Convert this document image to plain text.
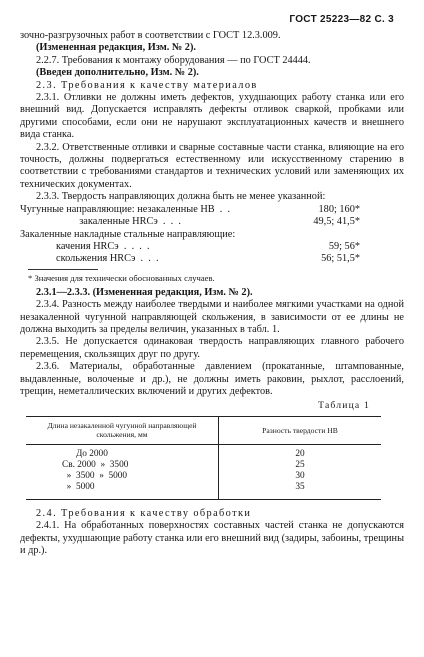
ГОСТ 25223—82 С. 3

зочно-разгрузочных работ в соответствии с ГОСТ 12.3.009.

(Измененная редакция, Изм. № 2).

2.2.7. Требования к монтажу оборудования — по ГОСТ 24444.

(Введен дополнительно, Изм. № 2).

2.3. Требования к качеству материалов

2.3.1. Отливки не должны иметь дефектов, ухудшающих работу станка или его внешний вид. Допускается исправлять дефекты отливок сваркой, пробками или другими способами, если они не нарушают эксплуатационных качеств и внешнего вида станка.

2.3.2. Ответственные отливки и сварные составные части станка, влияющие на его точность, должны подвергаться естественному или искусственному старению в соответствии с требованиями стандартов и технических условий или заменяющих их технических документах.

2.3.3. Твердость направляющих должна быть не менее указанной:

Чугунные направляющие: незакаленные HB  .  .	180; 160*
закаленные HRCэ  .  .  .	49,5; 41,5*
Закаленные накладные стальные направляющие:
качения HRCэ  .  .  .  .	59; 56*
скольжения HRCэ  .  .  .	56; 51,5*

* Значения для технически обоснованных случаев.

2.3.1—2.3.3. (Измененная редакция, Изм. № 2).

2.3.4. Разность между наиболее твердыми и наиболее мягкими участками на одной незакаленной чугунной направляющей скольжения, в зависимости от ее длины не должна выходить за пределы величин, указанных в табл. 1.

2.3.5. Не допускается одинаковая твердость направляющих главного рабочего перемещения, скользящих друг по другу.

2.3.6. Материалы, обработанные давлением (прокатанные, штампованные, выдавленные, волоченые и др.), не должны иметь раковин, рыхлот, расслоений, трещин, неметаллических включений и других дефектов.

Таблица 1
Длина незакаленной чугунной направляющей скольжения, мм	Разность твердости HB
До 2000	20
Св. 2000  »  3500	25
»  3500  »  5000	30
»  5000	35

2.4. Требования к качеству обработки

2.4.1. На обработанных поверхностях составных частей станка не допускаются дефекты, ухудшающие работу станка или его внешний вид (задиры, забоины, трещины и др.).
